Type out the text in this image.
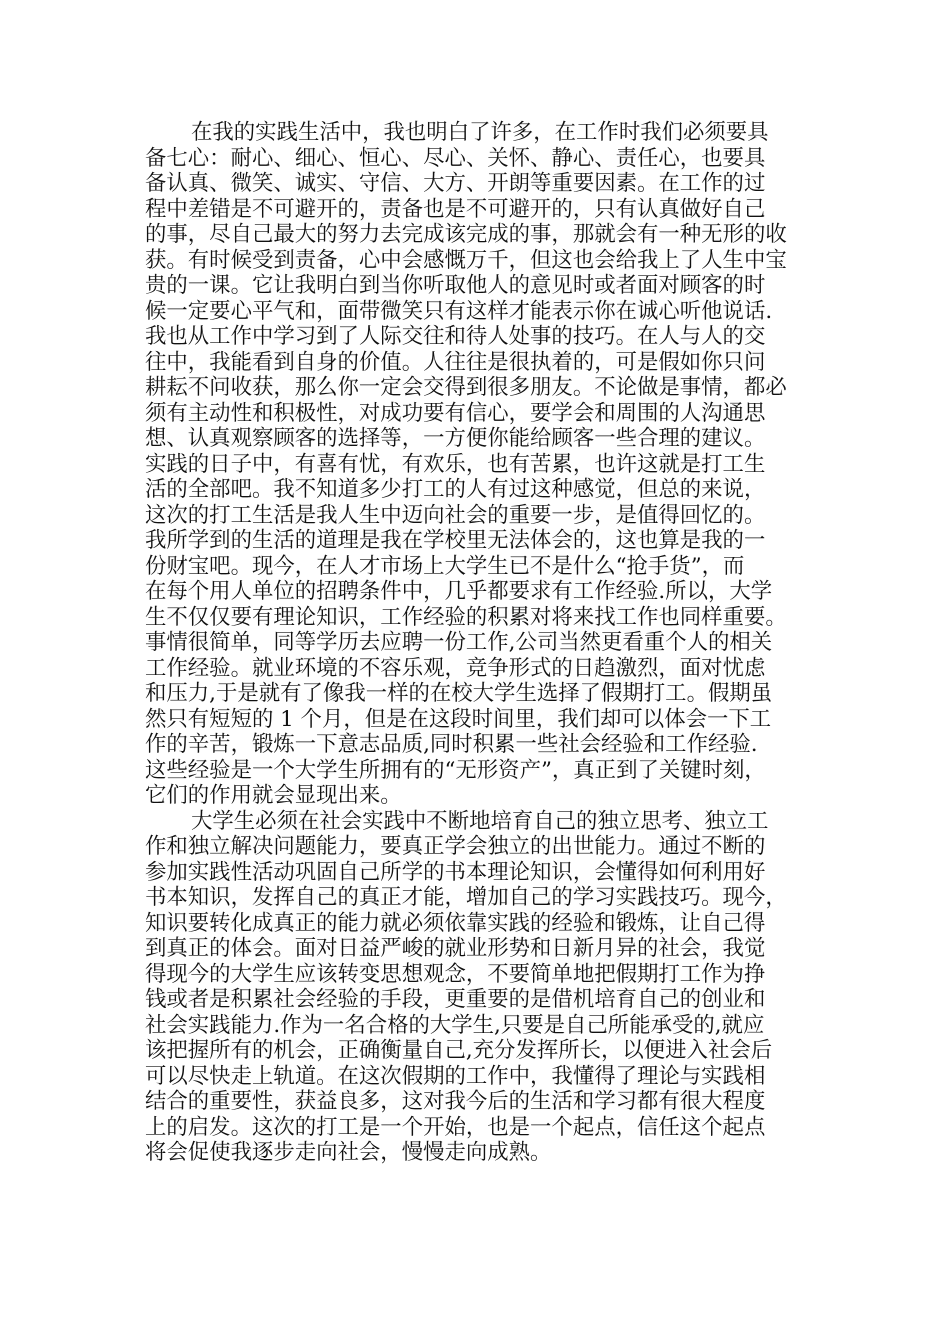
在我的实践生活中，我也明白了许多，在工作时我们必须要具
备七心：耐心、细心、恒心、尽心、关怀、静心、责任心，也要具
备认真、微笑、诚实、守信、大方、开朗等重要因素。在工作的过
程中差错是不可避开的，责备也是不可避开的，只有认真做好自己
的事，尽自己最大的努力去完成该完成的事，那就会有一种无形的收
获。有时候受到责备，心中会感慨万千，但这也会给我上了人生中宝
贵的一课。它让我明白到当你听取他人的意见时或者面对顾客的时
候一定要心平气和，面带微笑只有这样才能表示你在诚心听他说话.
我也从工作中学习到了人际交往和待人处事的技巧。在人与人的交
往中，我能看到自身的价值。人往往是很执着的，可是假如你只问
耕耘不问收获，那么你一定会交得到很多朋友。不论做是事情，都必
须有主动性和积极性，对成功要有信心，要学会和周围的人沟通思
想、认真观察顾客的选择等，一方便你能给顾客一些合理的建议。
实践的日子中，有喜有忧，有欢乐，也有苦累，也许这就是打工生
活的全部吧。我不知道多少打工的人有过这种感觉，但总的来说，
这次的打工生活是我人生中迈向社会的重要一步，是值得回忆的。
我所学到的生活的道理是我在学校里无法体会的，这也算是我的一
份财宝吧。现今，在人才市场上大学生已不是什么“抢手货”，而
在每个用人单位的招聘条件中，几乎都要求有工作经验.所以，大学
生不仅仅要有理论知识，工作经验的积累对将来找工作也同样重要。
事情很简单，同等学历去应聘一份工作,公司当然更看重个人的相关
工作经验。就业环境的不容乐观，竞争形式的日趋激烈，面对忧虑
和压力,于是就有了像我一样的在校大学生选择了假期打工。假期虽
然只有短短的 1 个月，但是在这段时间里，我们却可以体会一下工
作的辛苦，锻炼一下意志品质,同时积累一些社会经验和工作经验.
这些经验是一个大学生所拥有的“无形资产”，真正到了关键时刻，
它们的作用就会显现出来。
大学生必须在社会实践中不断地培育自己的独立思考、独立工
作和独立解决问题能力，要真正学会独立的出世能力。通过不断的
参加实践性活动巩固自己所学的书本理论知识，会懂得如何利用好
书本知识，发挥自己的真正才能，增加自己的学习实践技巧。现今，
知识要转化成真正的能力就必须依靠实践的经验和锻炼，让自己得
到真正的体会。面对日益严峻的就业形势和日新月异的社会，我觉
得现今的大学生应该转变思想观念，不要简单地把假期打工作为挣
钱或者是积累社会经验的手段，更重要的是借机培育自己的创业和
社会实践能力.作为一名合格的大学生,只要是自己所能承受的,就应
该把握所有的机会，正确衡量自己,充分发挥所长，以便进入社会后
可以尽快走上轨道。在这次假期的工作中，我懂得了理论与实践相
结合的重要性，获益良多，这对我今后的生活和学习都有很大程度
上的启发。这次的打工是一个开始，也是一个起点，信任这个起点
将会促使我逐步走向社会，慢慢走向成熟。
